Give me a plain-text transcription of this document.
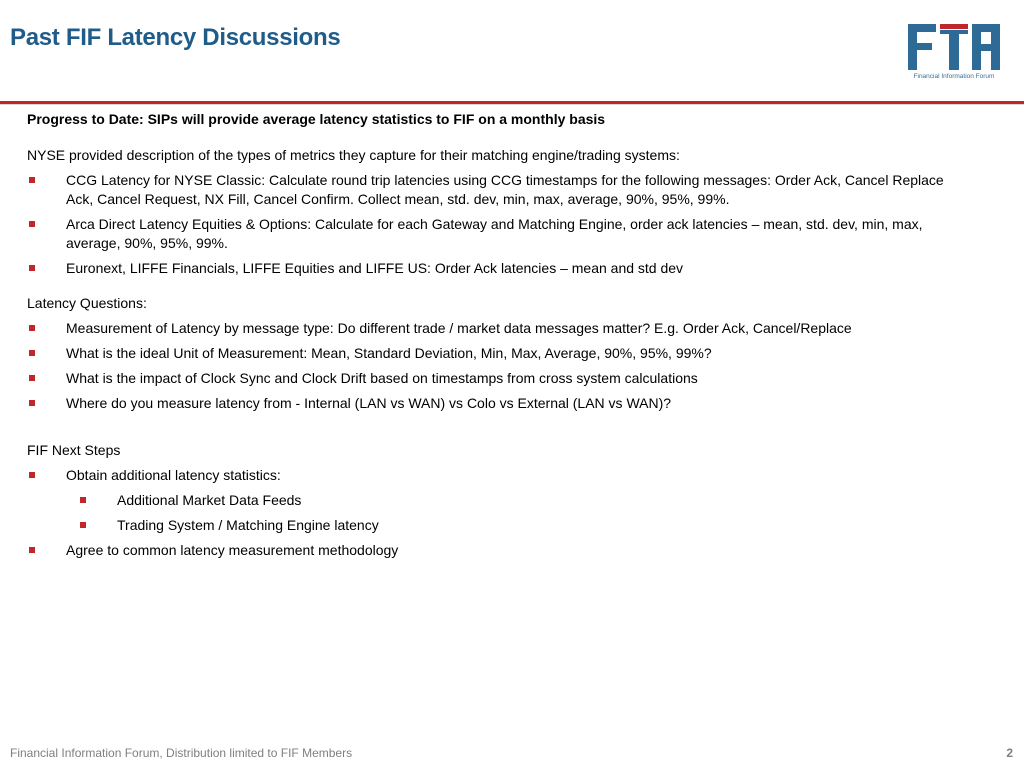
Past FIF Latency Discussions
Financial Information Forum
Progress to Date: SIPs will provide average latency statistics to FIF on a monthly basis
NYSE provided description of the types of metrics they capture for their matching engine/trading systems:
CCG Latency for NYSE Classic: Calculate round trip latencies using CCG timestamps for the following messages: Order Ack, Cancel Replace Ack, Cancel Request, NX Fill, Cancel Confirm. Collect mean, std. dev, min, max, average, 90%, 95%, 99%.
Arca Direct Latency Equities & Options: Calculate for each Gateway and Matching Engine, order ack latencies – mean, std. dev, min, max, average, 90%, 95%, 99%.
Euronext, LIFFE Financials, LIFFE Equities and LIFFE US: Order Ack latencies – mean and std dev
Latency Questions:
Measurement of Latency by message type: Do different trade / market data messages matter? E.g. Order Ack, Cancel/Replace
What is the ideal Unit of Measurement: Mean, Standard Deviation, Min, Max, Average, 90%, 95%, 99%?
What is the impact of Clock Sync and Clock Drift based on timestamps from cross system calculations
Where do you measure latency from - Internal (LAN vs WAN) vs Colo vs External (LAN vs WAN)?
FIF Next Steps
Obtain additional latency statistics:
Additional Market Data Feeds
Trading System / Matching Engine latency
Agree to common latency measurement methodology
Financial Information Forum, Distribution limited to FIF Members	2
